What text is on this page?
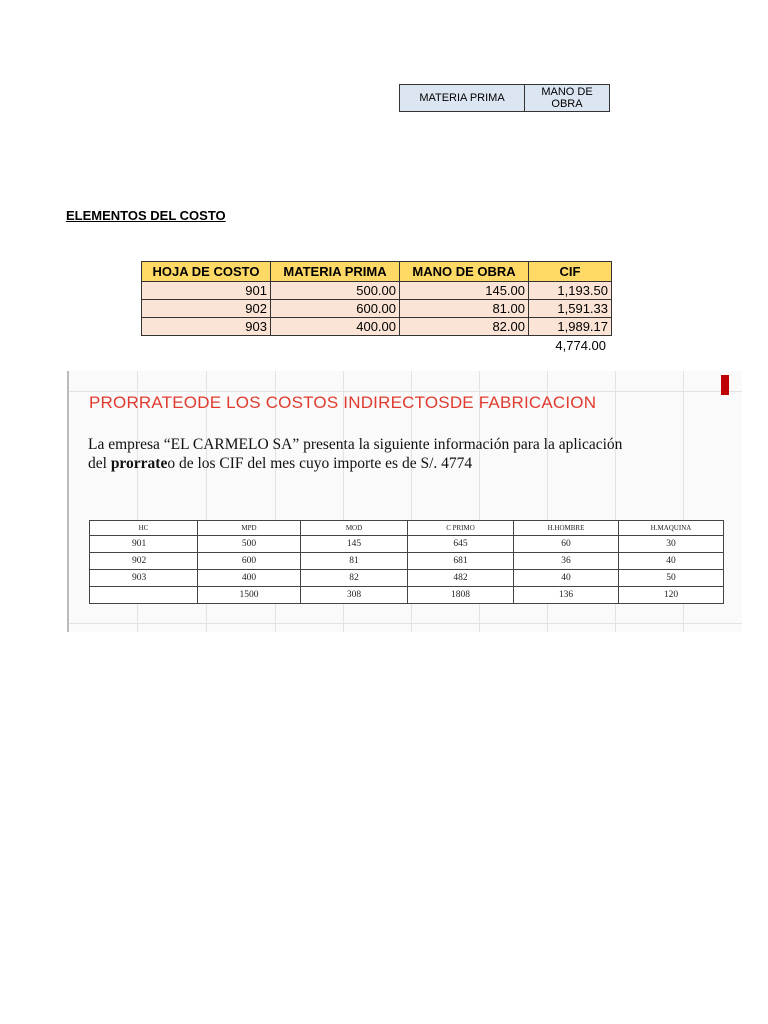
MATERIA PRIMA	MANO DE OBRA
ELEMENTOS DEL COSTO
HOJA DE COSTO	MATERIA PRIMA	MANO DE OBRA	CIF
901	500.00	145.00	1,193.50
902	600.00	81.00	1,591.33
903	400.00	82.00	1,989.17
4,774.00
PRORRATEODE LOS COSTOS INDIRECTOSDE FABRICACION
La empresa “EL CARMELO SA” presenta la siguiente información para la aplicación
del prorrateo de los CIF del mes cuyo importe es de S/. 4774
HC	MPD	MOD	C PRIMO	H.HOMBRE	H.MAQUINA
901	500	145	645	60	30
902	600	81	681	36	40
903	400	82	482	40	50
	1500	308	1808	136	120
